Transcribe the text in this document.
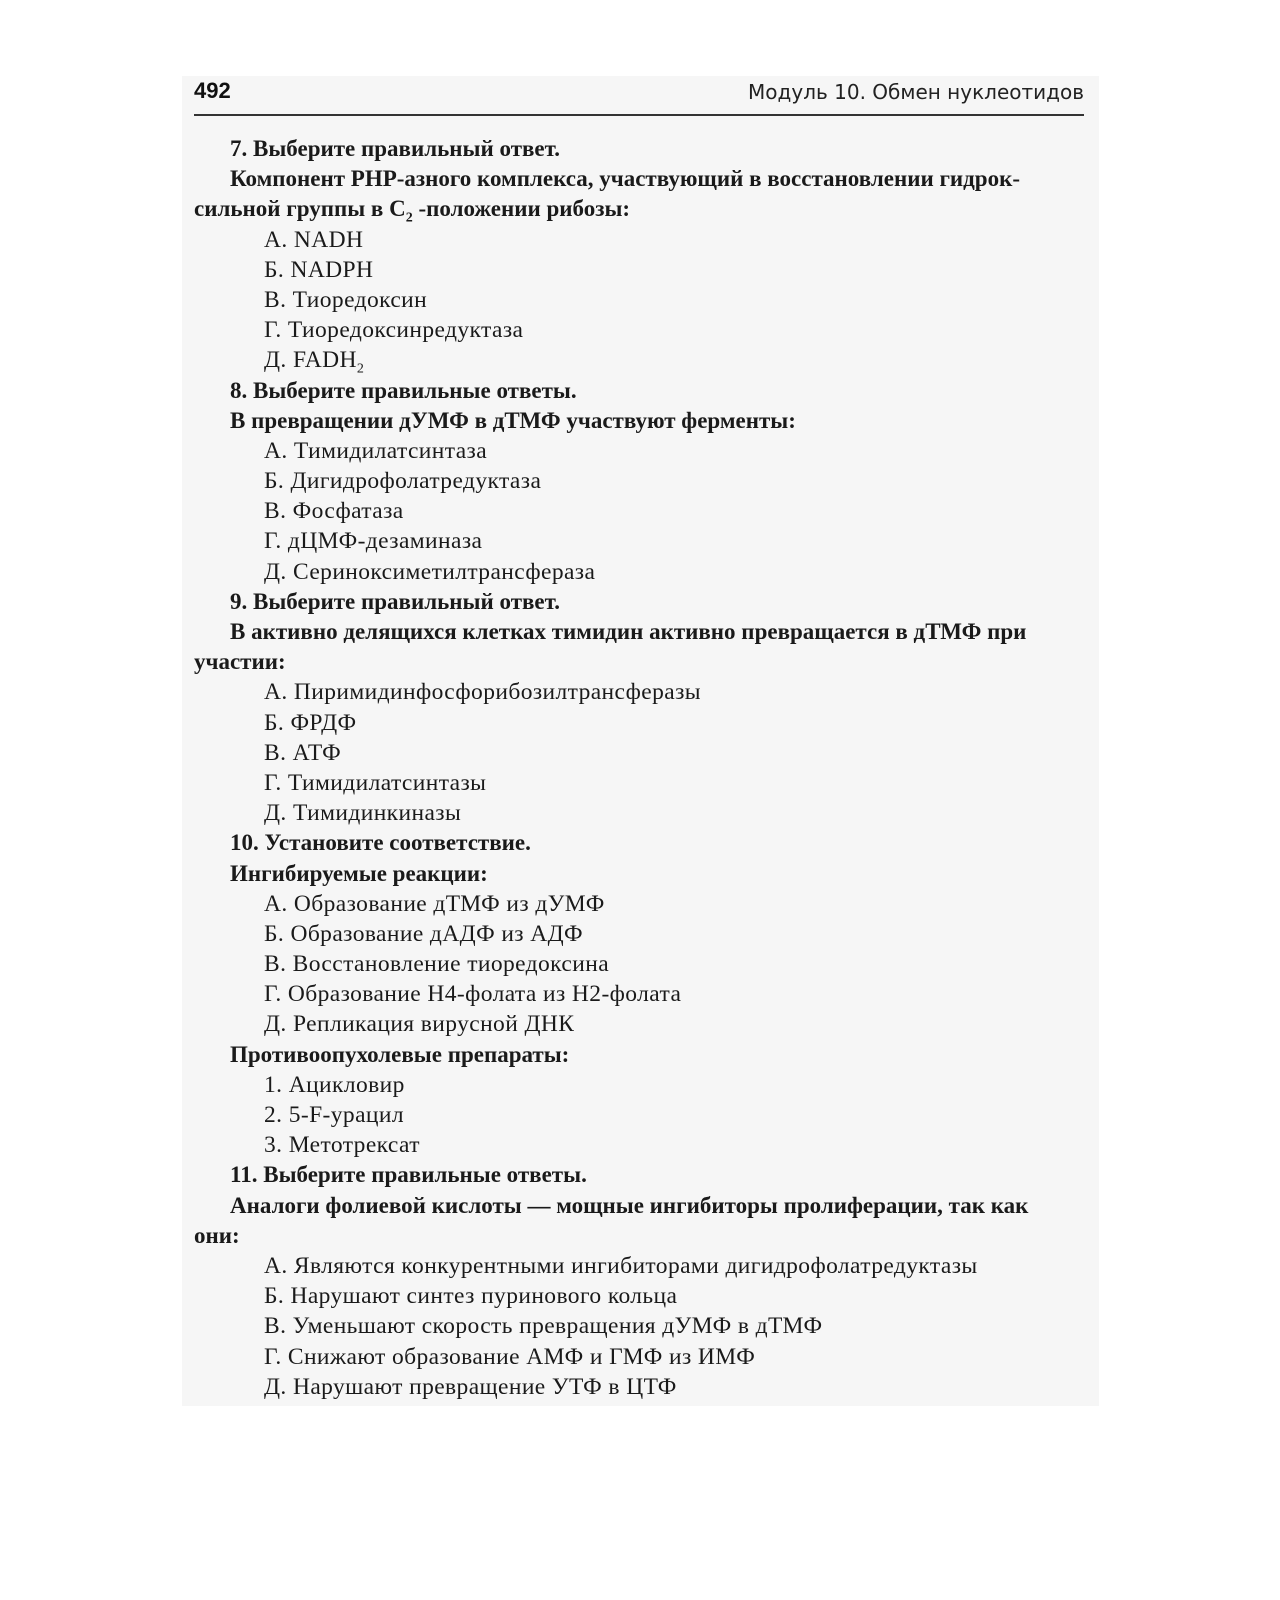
492	Модуль 10. Обмен нуклеотидов
7. Выберите правильный ответ.
Компонент PHP-азного комплекса, участвующий в восстановлении гидрок-
сильной группы в $C_2$ -положении рибозы:
А. NADH
Б. NADPH
В. Тиоредоксин
Г. Тиоредоксинредуктаза
Д. $FADH_2$
8. Выберите правильные ответы.
В превращении дУМФ в дТМФ участвуют ферменты:
А. Тимидилатсинтаза
Б. Дигидрофолатредуктаза
В. Фосфатаза
Г. дЦМФ-дезаминаза
Д. Серинoксиметилтрансфераза
9. Выберите правильный ответ.
В активно делящихся клетках тимидин активно превращается в дТМФ при
участии:
А. Пиримидинфосфорибозилтрансферазы
Б. ФРДФ
В. АТФ
Г. Тимидилатсинтазы
Д. Тимидинкиназы
10. Установите соответствие.
Ингибируемые реакции:
А. Образование дТМФ из дУМФ
Б. Образование дАДФ из АДФ
В. Восстановление тиоредоксина
Г. Образование H4-фолата из H2-фолата
Д. Репликация вирусной ДНК
Противоопухолевые препараты:
1. Ацикловир
2. 5-F-урацил
3. Метотрексат
11. Выберите правильные ответы.
Аналоги фолиевой кислоты — мощные ингибиторы пролиферации, так как
они:
А. Являются конкурентными ингибиторами дигидрофолатредуктазы
Б. Нарушают синтез пуринового кольца
В. Уменьшают скорость превращения дУМФ в дТМФ
Г. Снижают образование АМФ и ГМФ из ИМФ
Д. Нарушают превращение УТФ в ЦТФ
